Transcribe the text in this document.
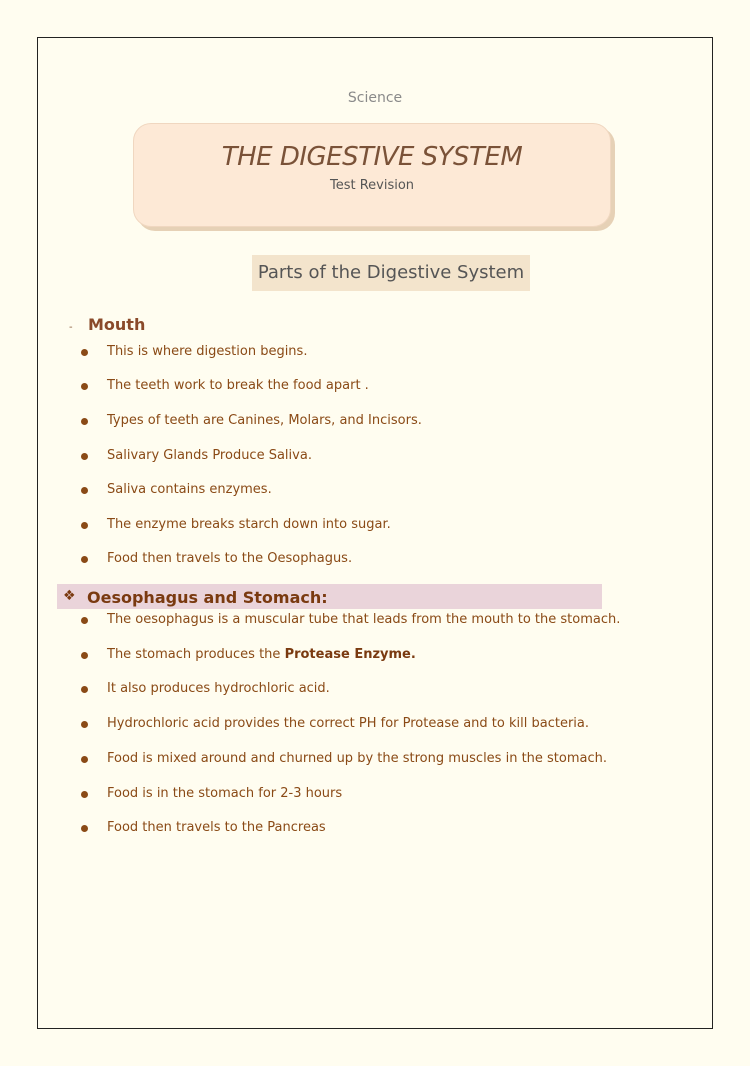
Science
THE DIGESTIVE SYSTEM
Test Revision
Parts of the Digestive System
- Mouth
This is where digestion begins.
The teeth work to break the food apart .
Types of teeth are Canines, Molars, and Incisors.
Salivary Glands Produce Saliva.
Saliva contains enzymes.
The enzyme breaks starch down into sugar.
Food then travels to the Oesophagus.
❖ Oesophagus and Stomach:
The oesophagus is a muscular tube that leads from the mouth to the stomach.
The stomach produces the Protease Enzyme.
It also produces hydrochloric acid.
Hydrochloric acid provides the correct PH for Protease and to kill bacteria.
Food is mixed around and churned up by the strong muscles in the stomach.
Food is in the stomach for 2-3 hours
Food then travels to the Pancreas
